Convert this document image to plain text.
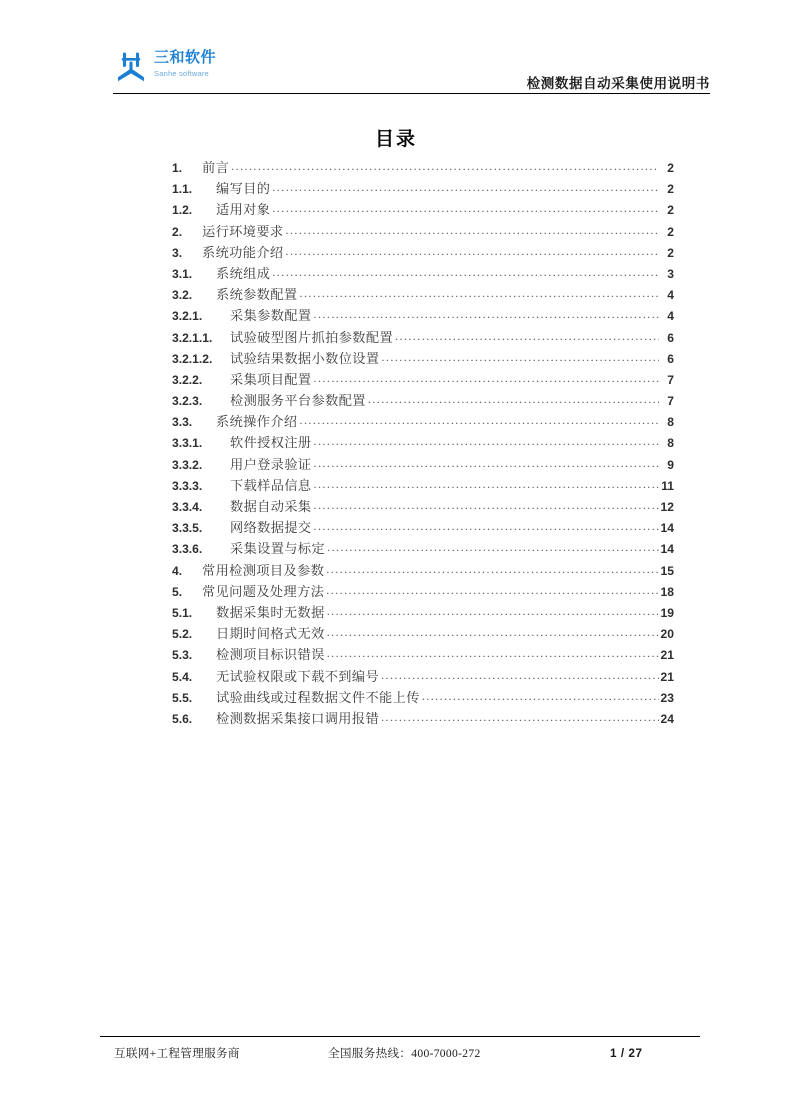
三和软件
Sanhe software
检测数据自动采集使用说明书
目录
1.	前言 .....	2
1.1.	编写目的 .....	2
1.2.	适用对象 .....	2
2.	运行环境要求 .....	2
3.	系统功能介绍 .....	2
3.1.	系统组成 .....	3
3.2.	系统参数配置 .....	4
3.2.1.	采集参数配置 .....	4
3.2.1.1.	试验破型图片抓拍参数配置 .....	6
3.2.1.2.	试验结果数据小数位设置 .....	6
3.2.2.	采集项目配置 .....	7
3.2.3.	检测服务平台参数配置 .....	7
3.3.	系统操作介绍 .....	8
3.3.1.	软件授权注册 .....	8
3.3.2.	用户登录验证 .....	9
3.3.3.	下载样品信息 .....	11
3.3.4.	数据自动采集 .....	12
3.3.5.	网络数据提交 .....	14
3.3.6.	采集设置与标定 .....	14
4.	常用检测项目及参数 .....	15
5.	常见问题及处理方法 .....	18
5.1.	数据采集时无数据 .....	19
5.2.	日期时间格式无效 .....	20
5.3.	检测项目标识错误 .....	21
5.4.	无试验权限或下载不到编号 .....	21
5.5.	试验曲线或过程数据文件不能上传 .....	23
5.6.	检测数据采集接口调用报错 .....	24
互联网+工程管理服务商	全国服务热线：400-7000-272	1 / 27
